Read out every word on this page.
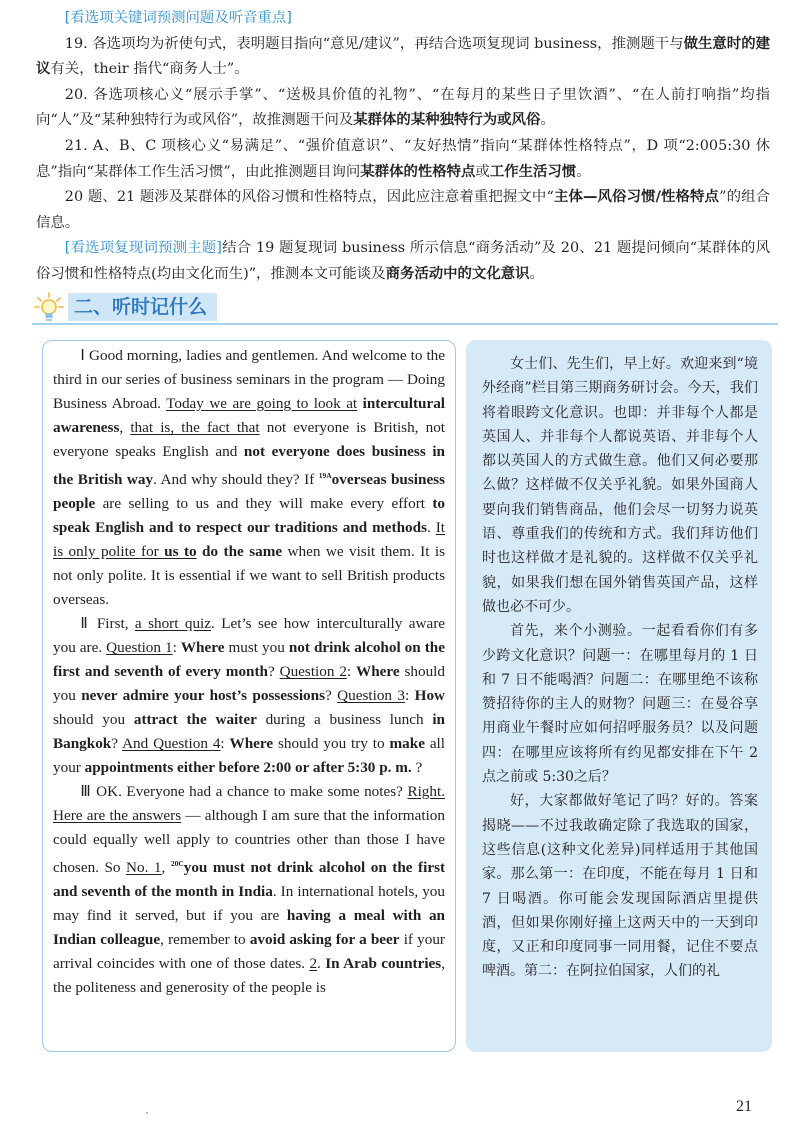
[看选项关键词预测问题及听音重点]

19. 各选项均为祈使句式，表明题目指向“意见/建议”，再结合选项复现词 business，推测题干与做生意时的建议有关，their 指代“商务人士”。

20. 各选项核心义“展示手掌”、“送极具价值的礼物”、“在每月的某些日子里饮酒”、“在人前打响指”均指向“人”及“某种独特行为或风俗”，故推测题干问及某群体的某种独特行为或风俗。

21. A、B、C 项核心义“易满足”、“强价值意识”、“友好热情”指向“某群体性格特点”，D 项“2:005:30 休息”指向“某群体工作生活习惯”，由此推测题目询问某群体的性格特点或工作生活习惯。

20 题、21 题涉及某群体的风俗习惯和性格特点，因此应注意着重把握文中“主体—风俗习惯/性格特点”的组合信息。

[看选项复现词预测主题]结合 19 题复现词 business 所示信息“商务活动”及 20、21 题提问倾向“某群体的风俗习惯和性格特点(均由文化而生)”，推测本文可能谈及商务活动中的文化意识。

二、听时记什么

Ⅰ Good morning, ladies and gentlemen. And welcome to the third in our series of business seminars in the program — Doing Business Abroad. Today we are going to look at intercultural awareness, that is, the fact that not everyone is British, not everyone speaks English and not everyone does business in the British way. And why should they? If $^{19A}$overseas business people are selling to us and they will make every effort to speak English and to respect our traditions and methods. It is only polite for us to do the same when we visit them. It is not only polite. It is essential if we want to sell British products overseas.

Ⅱ First, a short quiz. Let’s see how interculturally aware you are. Question 1: Where must you not drink alcohol on the first and seventh of every month? Question 2: Where should you never admire your host’s possessions? Question 3: How should you attract the waiter during a business lunch in Bangkok? And Question 4: Where should you try to make all your appointments either before 2:00 or after 5:30 p. m. ?

Ⅲ OK. Everyone had a chance to make some notes? Right. Here are the answers — although I am sure that the information could equally well apply to countries other than those I have chosen. So No. 1, $^{20C}$you must not drink alcohol on the first and seventh of the month in India. In international hotels, you may find it served, but if you are having a meal with an Indian colleague, remember to avoid asking for a beer if your arrival coincides with one of those dates. 2. In Arab countries, the politeness and generosity of the people is

女士们、先生们，早上好。欢迎来到“境外经商”栏目第三期商务研讨会。今天，我们将着眼跨文化意识。也即：并非每个人都是英国人、并非每个人都说英语、并非每个人都以英国人的方式做生意。他们又何必要那么做？这样做不仅关乎礼貌。如果外国商人要向我们销售商品，他们会尽一切努力说英语、尊重我们的传统和方式。我们拜访他们时也这样做才是礼貌的。这样做不仅关乎礼貌，如果我们想在国外销售英国产品，这样做也必不可少。

首先，来个小测验。一起看看你们有多少跨文化意识？问题一：在哪里每月的 1 日和 7 日不能喝酒？问题二：在哪里绝不该称赞招待你的主人的财物？问题三：在曼谷享用商业午餐时应如何招呼服务员？以及问题四：在哪里应该将所有约见都安排在下午 2 点之前或 5:30之后？

好，大家都做好笔记了吗？好的。答案揭晓——不过我敢确定除了我选取的国家，这些信息(这种文化差异)同样适用于其他国家。那么第一：在印度，不能在每月 1 日和 7 日喝酒。你可能会发现国际酒店里提供酒，但如果你刚好撞上这两天中的一天到印度，又正和印度同事一同用餐，记住不要点啤酒。第二：在阿拉伯国家，人们的礼

21
